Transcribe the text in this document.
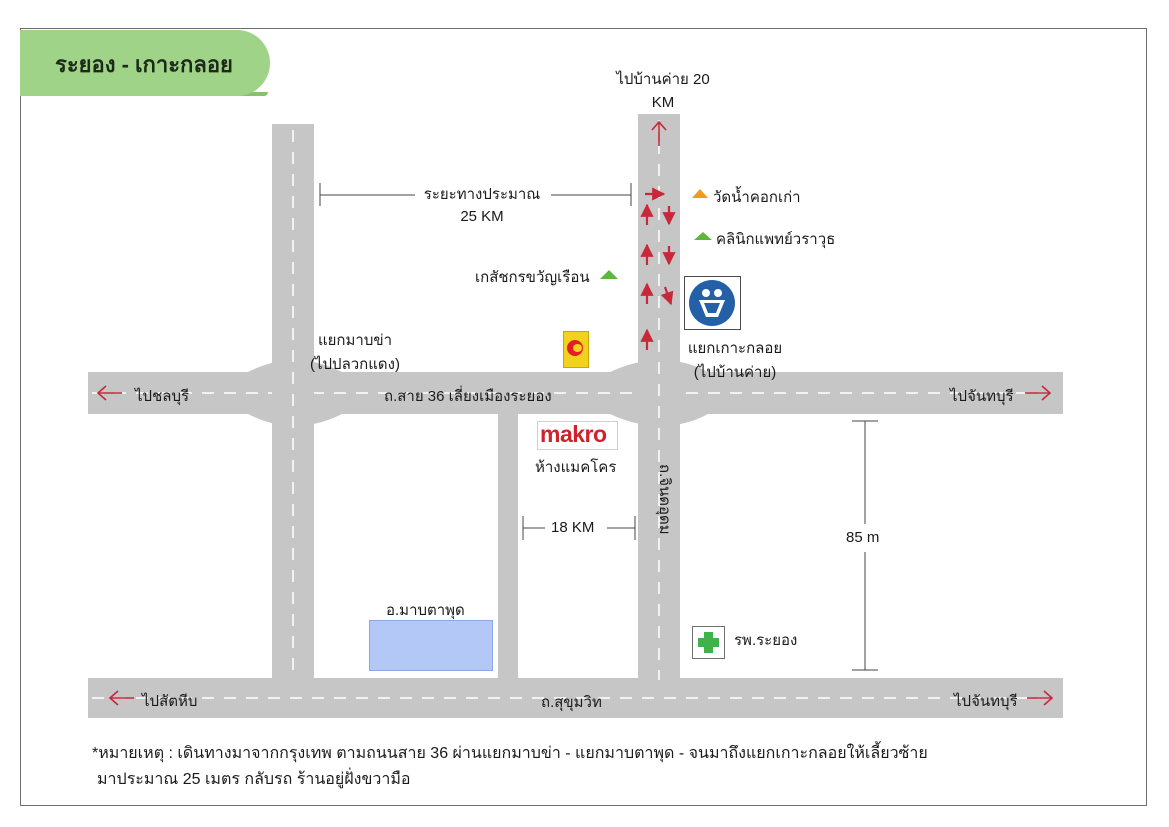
ระยอง - เกาะกลอย
makro
ไปบ้านค่าย 20
KM
ระยะทางประมาณ
25 KM
วัดน้ำคอกเก่า
คลินิกแพทย์วราวุธ
เกสัชกรขวัญเรือน
แยกมาบข่า
(ไปปลวกแดง)
แยกเกาะกลอย
(ไปบ้านค่าย)
ไปชลบุรี	ถ.สาย 36 เลี่ยงเมืองระยอง	ไปจันทบุรี
ห้างแมคโคร	ถ.จินดอุดม
18 KM
85 m
อ.มาบตาพุด
รพ.ระยอง
ไปสัตหีบ	ถ.สุขุมวิท	ไปจันทบุรี
*หมายเหตุ : เดินทางมาจากกรุงเทพ ตามถนนสาย 36 ผ่านแยกมาบข่า - แยกมาบตาพุด - จนมาถึงแยกเกาะกลอยให้เลี้ยวซ้าย
มาประมาณ 25 เมตร กลับรถ ร้านอยู่ฝั่งขวามือ
